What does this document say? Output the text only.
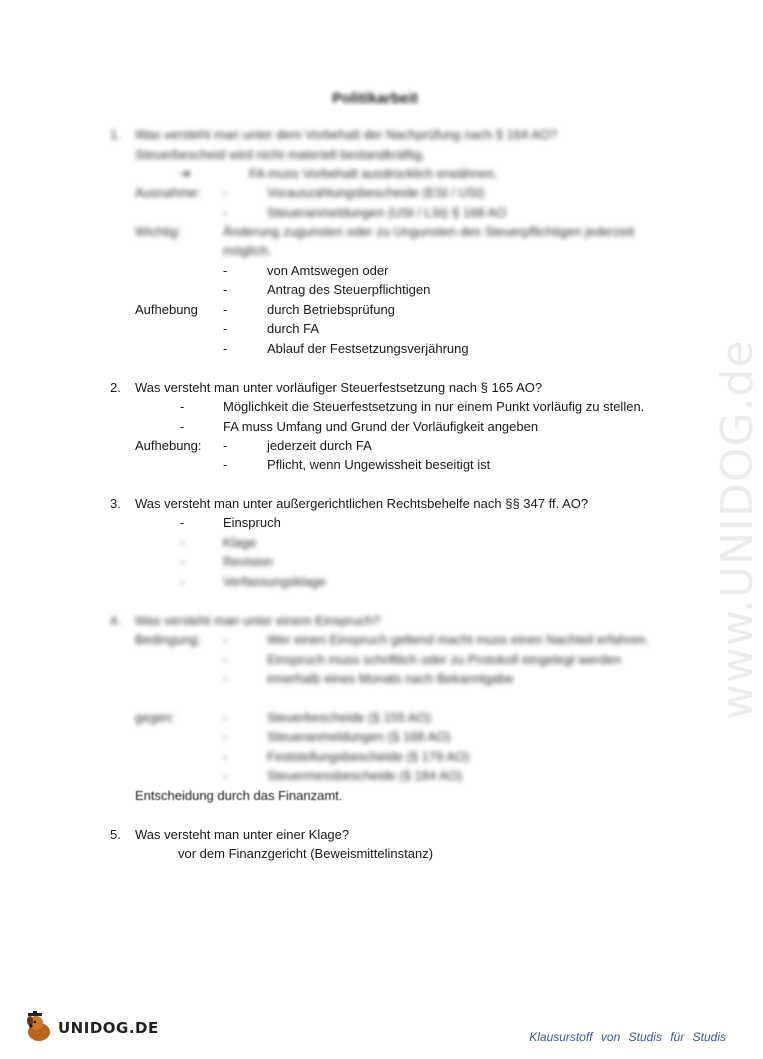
www.UNIDOG.de
Politikarbeit
1. Was versteht man unter dem Vorbehalt der Nachprüfung nach § 164 AO?
Steuerbescheid wird nicht materiell bestandkräftig.
➔	FA muss Vorbehalt ausdrücklich erwähnen.
Ausnahme: -	Vorauszahlungsbescheide (ESt / USt)
-	Steueranmeldungen (USt / LSt) § 168 AO
Wichtig:	Änderung zugunsten oder zu Ungunsten des Steuerpflichtigen jederzeit
möglich.
-	von Amtswegen oder
-	Antrag des Steuerpflichtigen
Aufhebung -	durch Betriebsprüfung
-	durch FA
-	Ablauf der Festsetzungsverjährung
2. Was versteht man unter vorläufiger Steuerfestsetzung nach § 165 AO?
-	Möglichkeit die Steuerfestsetzung in nur einem Punkt vorläufig zu stellen.
-	FA muss Umfang und Grund der Vorläufigkeit angeben
Aufhebung: -	jederzeit durch FA
-	Pflicht, wenn Ungewissheit beseitigt ist
3. Was versteht man unter außergerichtlichen Rechtsbehelfe nach §§ 347 ff. AO?
-	Einspruch
-	Klage
-	Revision
-	Verfassungsklage
4. Was versteht man unter einem Einspruch?
Bedingung: -	Wer einen Einspruch geltend macht muss einen Nachteil erfahren.
-	Einspruch muss schriftlich oder zu Protokoll eingelegt werden
-	innerhalb eines Monats nach Bekanntgabe
gegen:	-	Steuerbescheide (§ 155 AO)
-	Steueranmeldungen (§ 168 AO)
-	Feststellungsbescheide (§ 179 AO)
-	Steuermessbescheide (§ 184 AO)
Entscheidung durch das Finanzamt.
5. Was versteht man unter einer Klage?
vor dem Finanzgericht (Beweismittelinstanz)
UNIDOG.DE	Klausurstoff von Studis für Studis
